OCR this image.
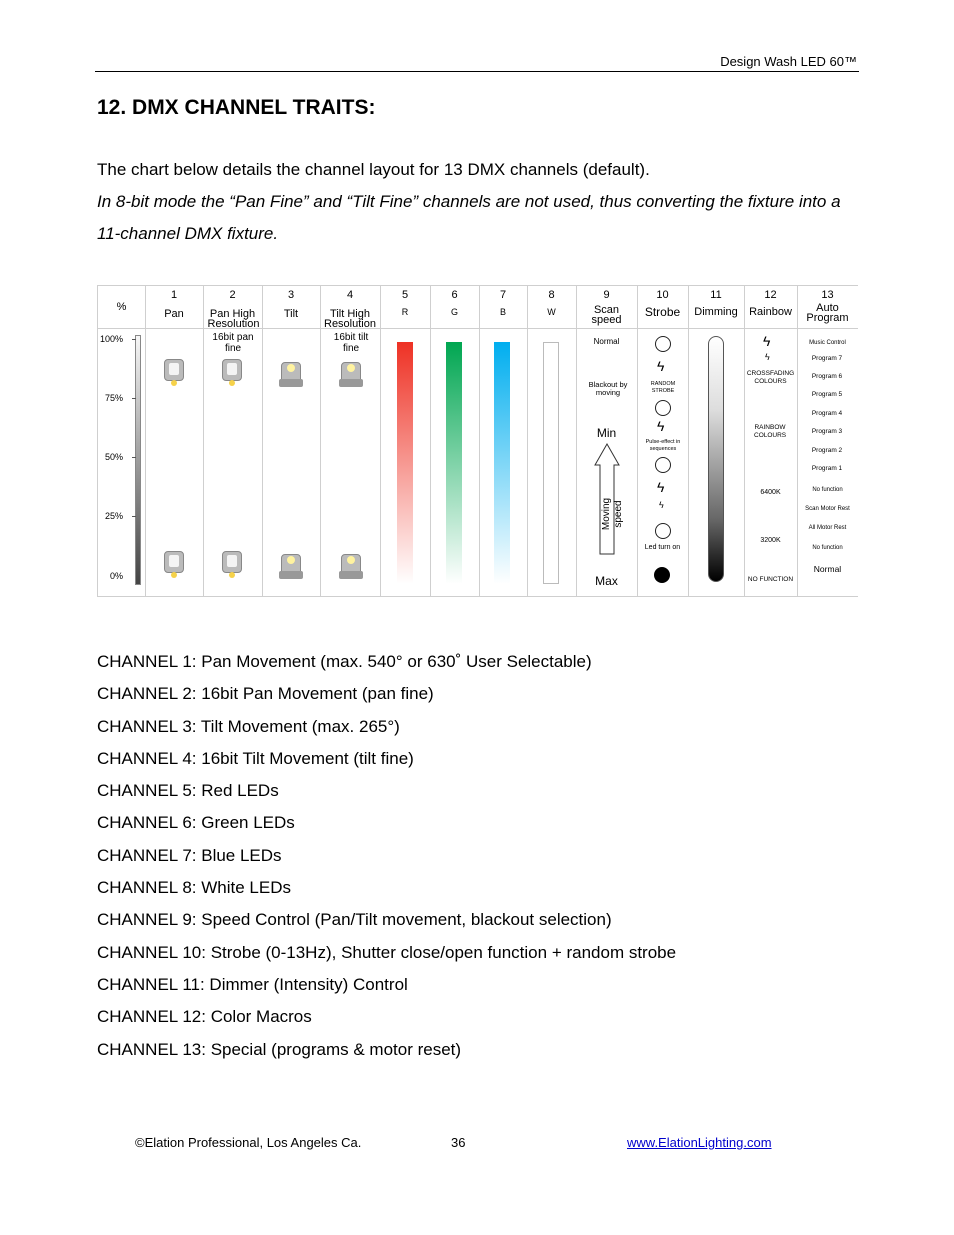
Design Wash LED 60™
12. DMX CHANNEL TRAITS:

The chart below details the channel layout for 13 DMX channels (default).

In 8-bit mode the “Pan Fine” and “Tilt Fine” channels are not used, thus converting the fixture into a 11-channel DMX fixture.

%
100%
75%
50%
25%
0%
1
Pan
2
Pan High Resolution
16bit pan fine
3
Tilt
4
Tilt High Resolution
16bit tilt fine
5
R
6
G
7
B
8
W
9
Scan speed
Normal
Blackout by moving
Min
Moving speed
Max
10
Strobe
ϟ
RANDOM STROBE
ϟ
Pulse-effect in sequences
ϟ
ϟ
Led turn on
11
Dimming
12
Rainbow
ϟ
ϟ
CROSSFADING COLOURS
RAINBOW COLOURS
6400K
3200K
NO FUNCTION
13
Auto Program
Music Control
Program 7
Program 6
Program 5
Program 4
Program 3
Program 2
Program 1
No function
Scan Motor Rest
All Motor Rest
No function
Normal
CHANNEL 1: Pan Movement (max. 540° or 630˚ User Selectable)
CHANNEL 2: 16bit Pan Movement (pan fine)
CHANNEL 3: Tilt Movement (max. 265°)
CHANNEL 4: 16bit Tilt Movement (tilt fine)
CHANNEL 5: Red LEDs
CHANNEL 6: Green LEDs
CHANNEL 7: Blue LEDs
CHANNEL 8: White LEDs
CHANNEL 9: Speed Control (Pan/Tilt movement, blackout selection)
CHANNEL 10: Strobe (0-13Hz), Shutter close/open function + random strobe
CHANNEL 11: Dimmer (Intensity) Control
CHANNEL 12: Color Macros
CHANNEL 13: Special (programs & motor reset)
©Elation Professional, Los Angeles Ca.	36	www.ElationLighting.com
